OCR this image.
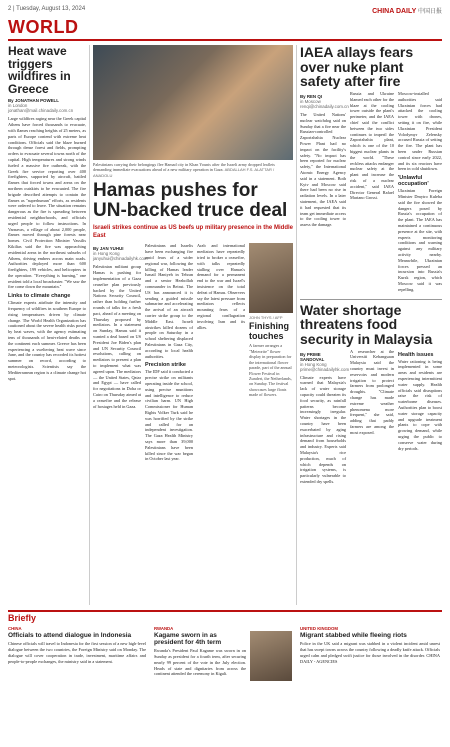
2 | Tuesday, August 13, 2024	CHINA DAILY 中国日报
WORLD
Heat wave triggers wildfires in Greece

By JONATHAN POWELL

in London
jonathan@mail.chinadaily.com.cn

Large wildfires raging near the Greek capital Athens have forced thousands to evacuate, with flames reaching heights of 25 meters, as parts of Europe contend with extreme heat conditions. Officials said the blaze burned through dense forest and fields, prompting orders to evacuate several towns north of the capital. High temperatures and strong winds fueled a massive fire outbreak, with the Greek fire service reporting over 400 firefighters, supported by aircraft, battled flames that forced towns and areas on the northern outskirts to be evacuated. The fire brigade described attempts to contain the flames as "superhuman" efforts, as residents were ordered to leave. The situation remains dangerous as the fire is spreading between residential neighborhoods, and officials urged people to follow instructions. In Varnavas, a village of about 2,000 people, flames moved through pine forests near homes. Civil Protection Minister Vassilis Kikilias said the fire was approaching residential areas in the northeast suburbs of Athens, driving embers across main roads. Authorities deployed more than 600 firefighters, 199 vehicles, and helicopters in the operation. "Everything is burning," one resident told a local broadcaster. "We saw the fire come down the mountain."

Links to climate change

Climate experts attribute the intensity and frequency of wildfires in southern Europe to rising temperatures driven by climate change. The World Health Organization has cautioned about the severe health risks posed by heat waves, with the agency estimating tens of thousands of heat-related deaths on the continent each summer. Greece has been experiencing a sweltering heat wave since June, and the country has recorded its hottest summer on record, according to meteorologists. Scientists say the Mediterranean region is a climate change hot spot.

Palestinians carrying their belongings flee Hamad city in Khan Younis after the Israeli army dropped leaflets demanding immediate evacuations ahead of a new military operation in Gaza. ABDALLAH F.S. ALATTAR / ANADOLU

Hamas pushes for UN-backed truce deal

Israeli strikes continue as US beefs up military presence in the Middle East

By JAN YUHUI

in Hong Kong
janyuhui@chinadailyhk.com

Palestinian militant group Hamas is pushing for implementation of a Gaza ceasefire plan previously backed by the United Nations Security Council, rather than holding further rounds of talks for a fresh pact, ahead of a meeting on Thursday proposed by mediators. In a statement on Sunday, Hamas said it wanted a deal based on US President Joe Biden's plan and UN Security Council resolutions, calling on mediators to present a plan to implement what was agreed upon. The mediators — the United States, Qatar and Egypt — have called for negotiations in Doha or Cairo on Thursday aimed at a ceasefire and the release of hostages held in Gaza.

Palestinians and Israelis have been exchanging fire amid fears of a wider regional war, following the killing of Hamas leader Ismail Haniyeh in Tehran and a senior Hezbollah commander in Beirut. The US has announced it is sending a guided missile submarine and accelerating the arrival of an aircraft carrier strike group to the Middle East. Israeli airstrikes killed dozens of people on Saturday in a school sheltering displaced Palestinians in Gaza City, according to local health authorities.

Precision strike

The IDF said it conducted a precise strike on militants operating inside the school, using precise munitions and intelligence to reduce civilian harm. UN High Commissioner for Human Rights Volker Turk said he was horrified by the strike and called for an independent investigation. The Gaza Health Ministry says more than 39,000 Palestinians have been killed since the war began in October last year.

Arab and international mediators have repeatedly tried to broker a ceasefire, with talks repeatedly stalling over Hamas's demand for a permanent end to the war and Israel's insistence on the total defeat of Hamas. Observers say the latest pressure from mediators reflects mounting fears of a regional conflagration involving Iran and its allies.

JOHN THYS / AFP

Finishing touches

A farmer arranges a "Meteorite" flower display in preparation for the international flower parade, part of the annual Flower Festival in Zundert, the Netherlands, on Sunday. The festival showcases large floats made of flowers.

IAEA allays fears over nuke plant safety after fire

By REN QI

in Moscow
renqi@chinadaily.com.cn

The United Nations' nuclear watchdog said on Sunday that a fire near the Russian-controlled Zaporizhzhia Nuclear Power Plant had no impact on the facility's safety. "No impact has been reported for nuclear safety," the International Atomic Energy Agency said in a statement. Both Kyiv and Moscow said there had been no rise in radiation levels. In a later statement, the IAEA said it had requested that its team get immediate access to the cooling tower to assess the damage.

Russia and Ukraine blamed each other for the blaze at the cooling tower outside the plant's perimeter, and the IAEA chief said the conflict between the two sides continues to imperil the Zaporizhzhia plant, which is one of the 10 biggest nuclear plants in the world. "These reckless attacks endanger nuclear safety at the plant and increase the risk of a nuclear accident," said IAEA Director General Rafael Mariano Grossi.

Moscow-installed authorities said Ukrainian forces had attacked the cooling tower with drones, setting it on fire, while Ukrainian President Volodymyr Zelensky accused Russia of setting the fire. The plant has been under Russian control since early 2022, and its six reactors have been in cold shutdown.

'Unlawful occupation'

Ukrainian Foreign Minister Dmytro Kuleba said the fire showed the dangers posed by Russia's occupation of the plant. The IAEA has maintained a continuous presence at the site, with experts monitoring conditions and warning against any military activity nearby. Meanwhile, Ukrainian forces pressed an incursion into Russia's Kursk region, which Moscow said it was repelling.

Water shortage threatens food security in Malaysia

By PRIME SANDOVAL

in Hong Kong
prime@chinadailyhk.com

Climate experts have warned that Malaysia's lack of water storage capacity could threaten its food security, as rainfall patterns become increasingly irregular. Water shortages in the country have been exacerbated by aging infrastructure and rising demand from households and industry. Experts said Malaysia's rice production, much of which depends on irrigation systems, is particularly vulnerable to extended dry spells.

A researcher at the Universiti Kebangsaan Malaysia said the country must invest in reservoirs and modern irrigation to protect farmers from prolonged droughts. "Climate change has made extreme weather phenomena more frequent," she said, adding that paddy farmers are among the most exposed.

Health issues

Water rationing is being implemented in some areas and residents are experiencing intermittent water supply. Health officials said disruptions raise the risk of waterborne diseases. Authorities plan to boost water storage capacity and upgrade treatment plants to cope with growing demand, while urging the public to conserve water during dry periods.

Briefly
CHINA
Officials to attend dialogue in Indonesia

Chinese officials will travel to Indonesia for the first session of a new high-level dialogue between the two countries, the Foreign Ministry said on Monday. The dialogue will cover cooperation in trade, investment, maritime affairs and people-to-people exchanges, the ministry said in a statement.

RWANDA
Kagame sworn in as president for 4th term

Rwanda's President Paul Kagame was sworn in on Sunday as president for a fourth term, after securing nearly 99 percent of the vote in the July election. Heads of state and dignitaries from across the continent attended the ceremony in Kigali.

UNITED KINGDOM
Migrant stabbed while fleeing riots

Police in the UK said a migrant was stabbed in a violent incident amid unrest that has swept towns across the country following a deadly knife attack. Officials urged calm and pledged swift justice for those involved in the disorder. CHINA DAILY - AGENCIES
